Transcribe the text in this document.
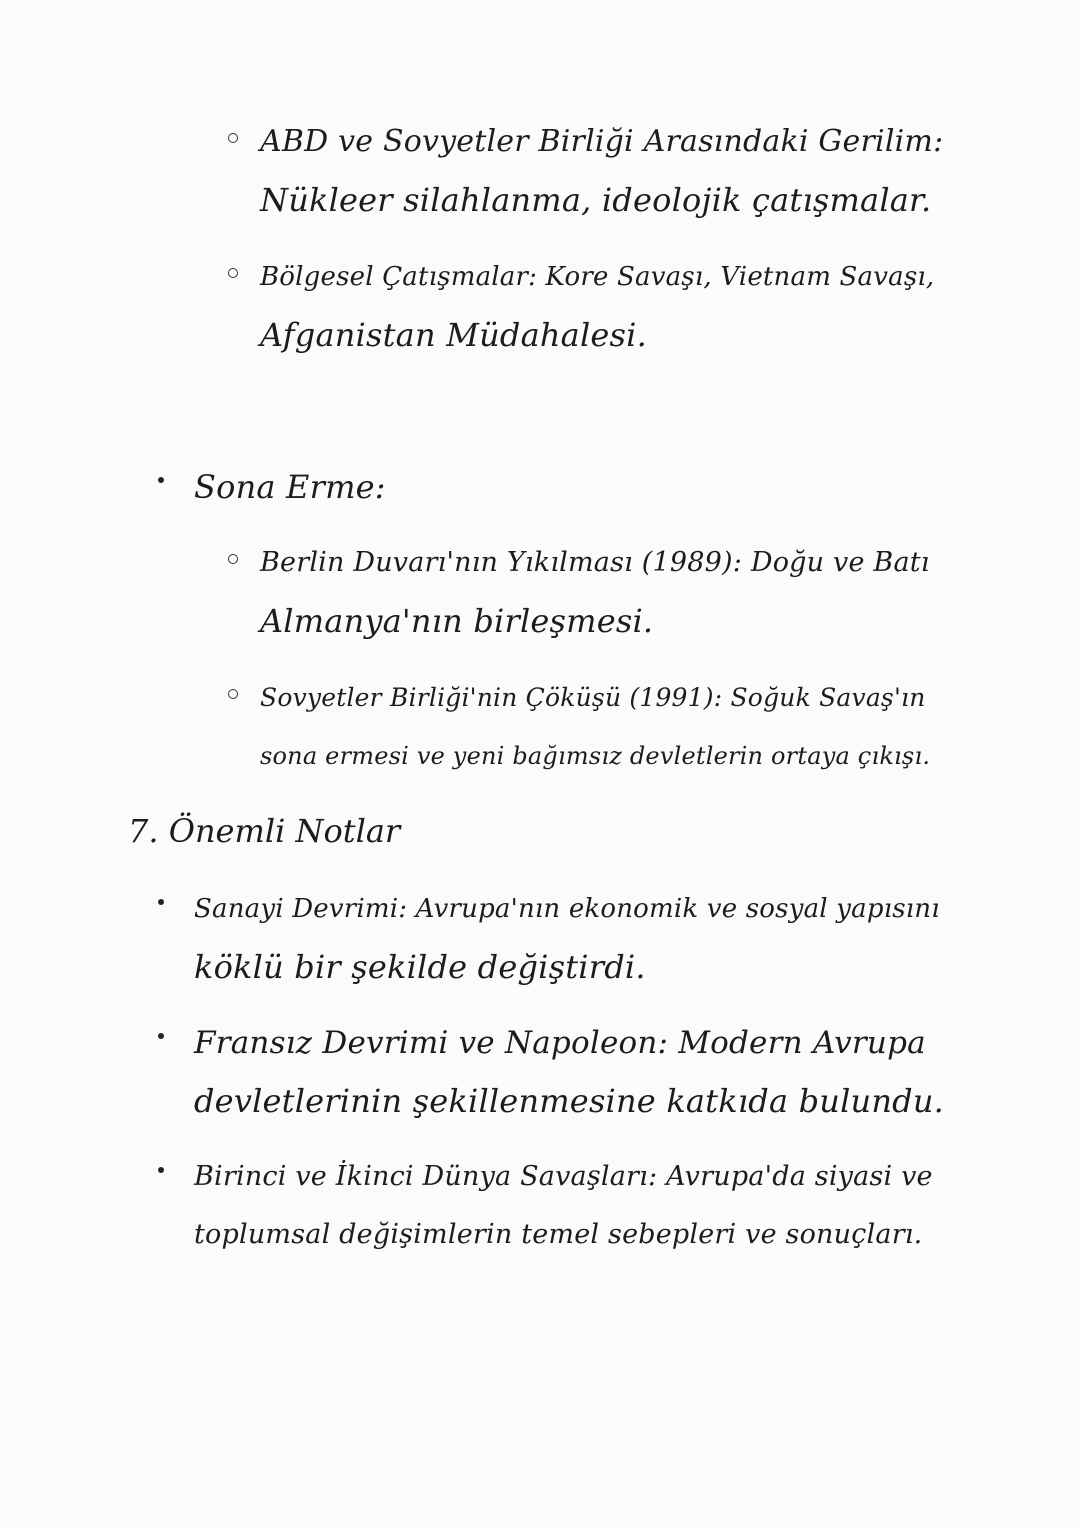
ABD ve Sovyetler Birliği Arasındaki Gerilim:
Nükleer silahlanma, ideolojik çatışmalar.
Bölgesel Çatışmalar: Kore Savaşı, Vietnam Savaşı,
Afganistan Müdahalesi.
Sona Erme:
Berlin Duvarı'nın Yıkılması (1989): Doğu ve Batı
Almanya'nın birleşmesi.
Sovyetler Birliği'nin Çöküşü (1991): Soğuk Savaş'ın
sona ermesi ve yeni bağımsız devletlerin ortaya çıkışı.
7. Önemli Notlar
Sanayi Devrimi: Avrupa'nın ekonomik ve sosyal yapısını
köklü bir şekilde değiştirdi.
Fransız Devrimi ve Napoleon: Modern Avrupa
devletlerinin şekillenmesine katkıda bulundu.
Birinci ve İkinci Dünya Savaşları: Avrupa'da siyasi ve
toplumsal değişimlerin temel sebepleri ve sonuçları.
